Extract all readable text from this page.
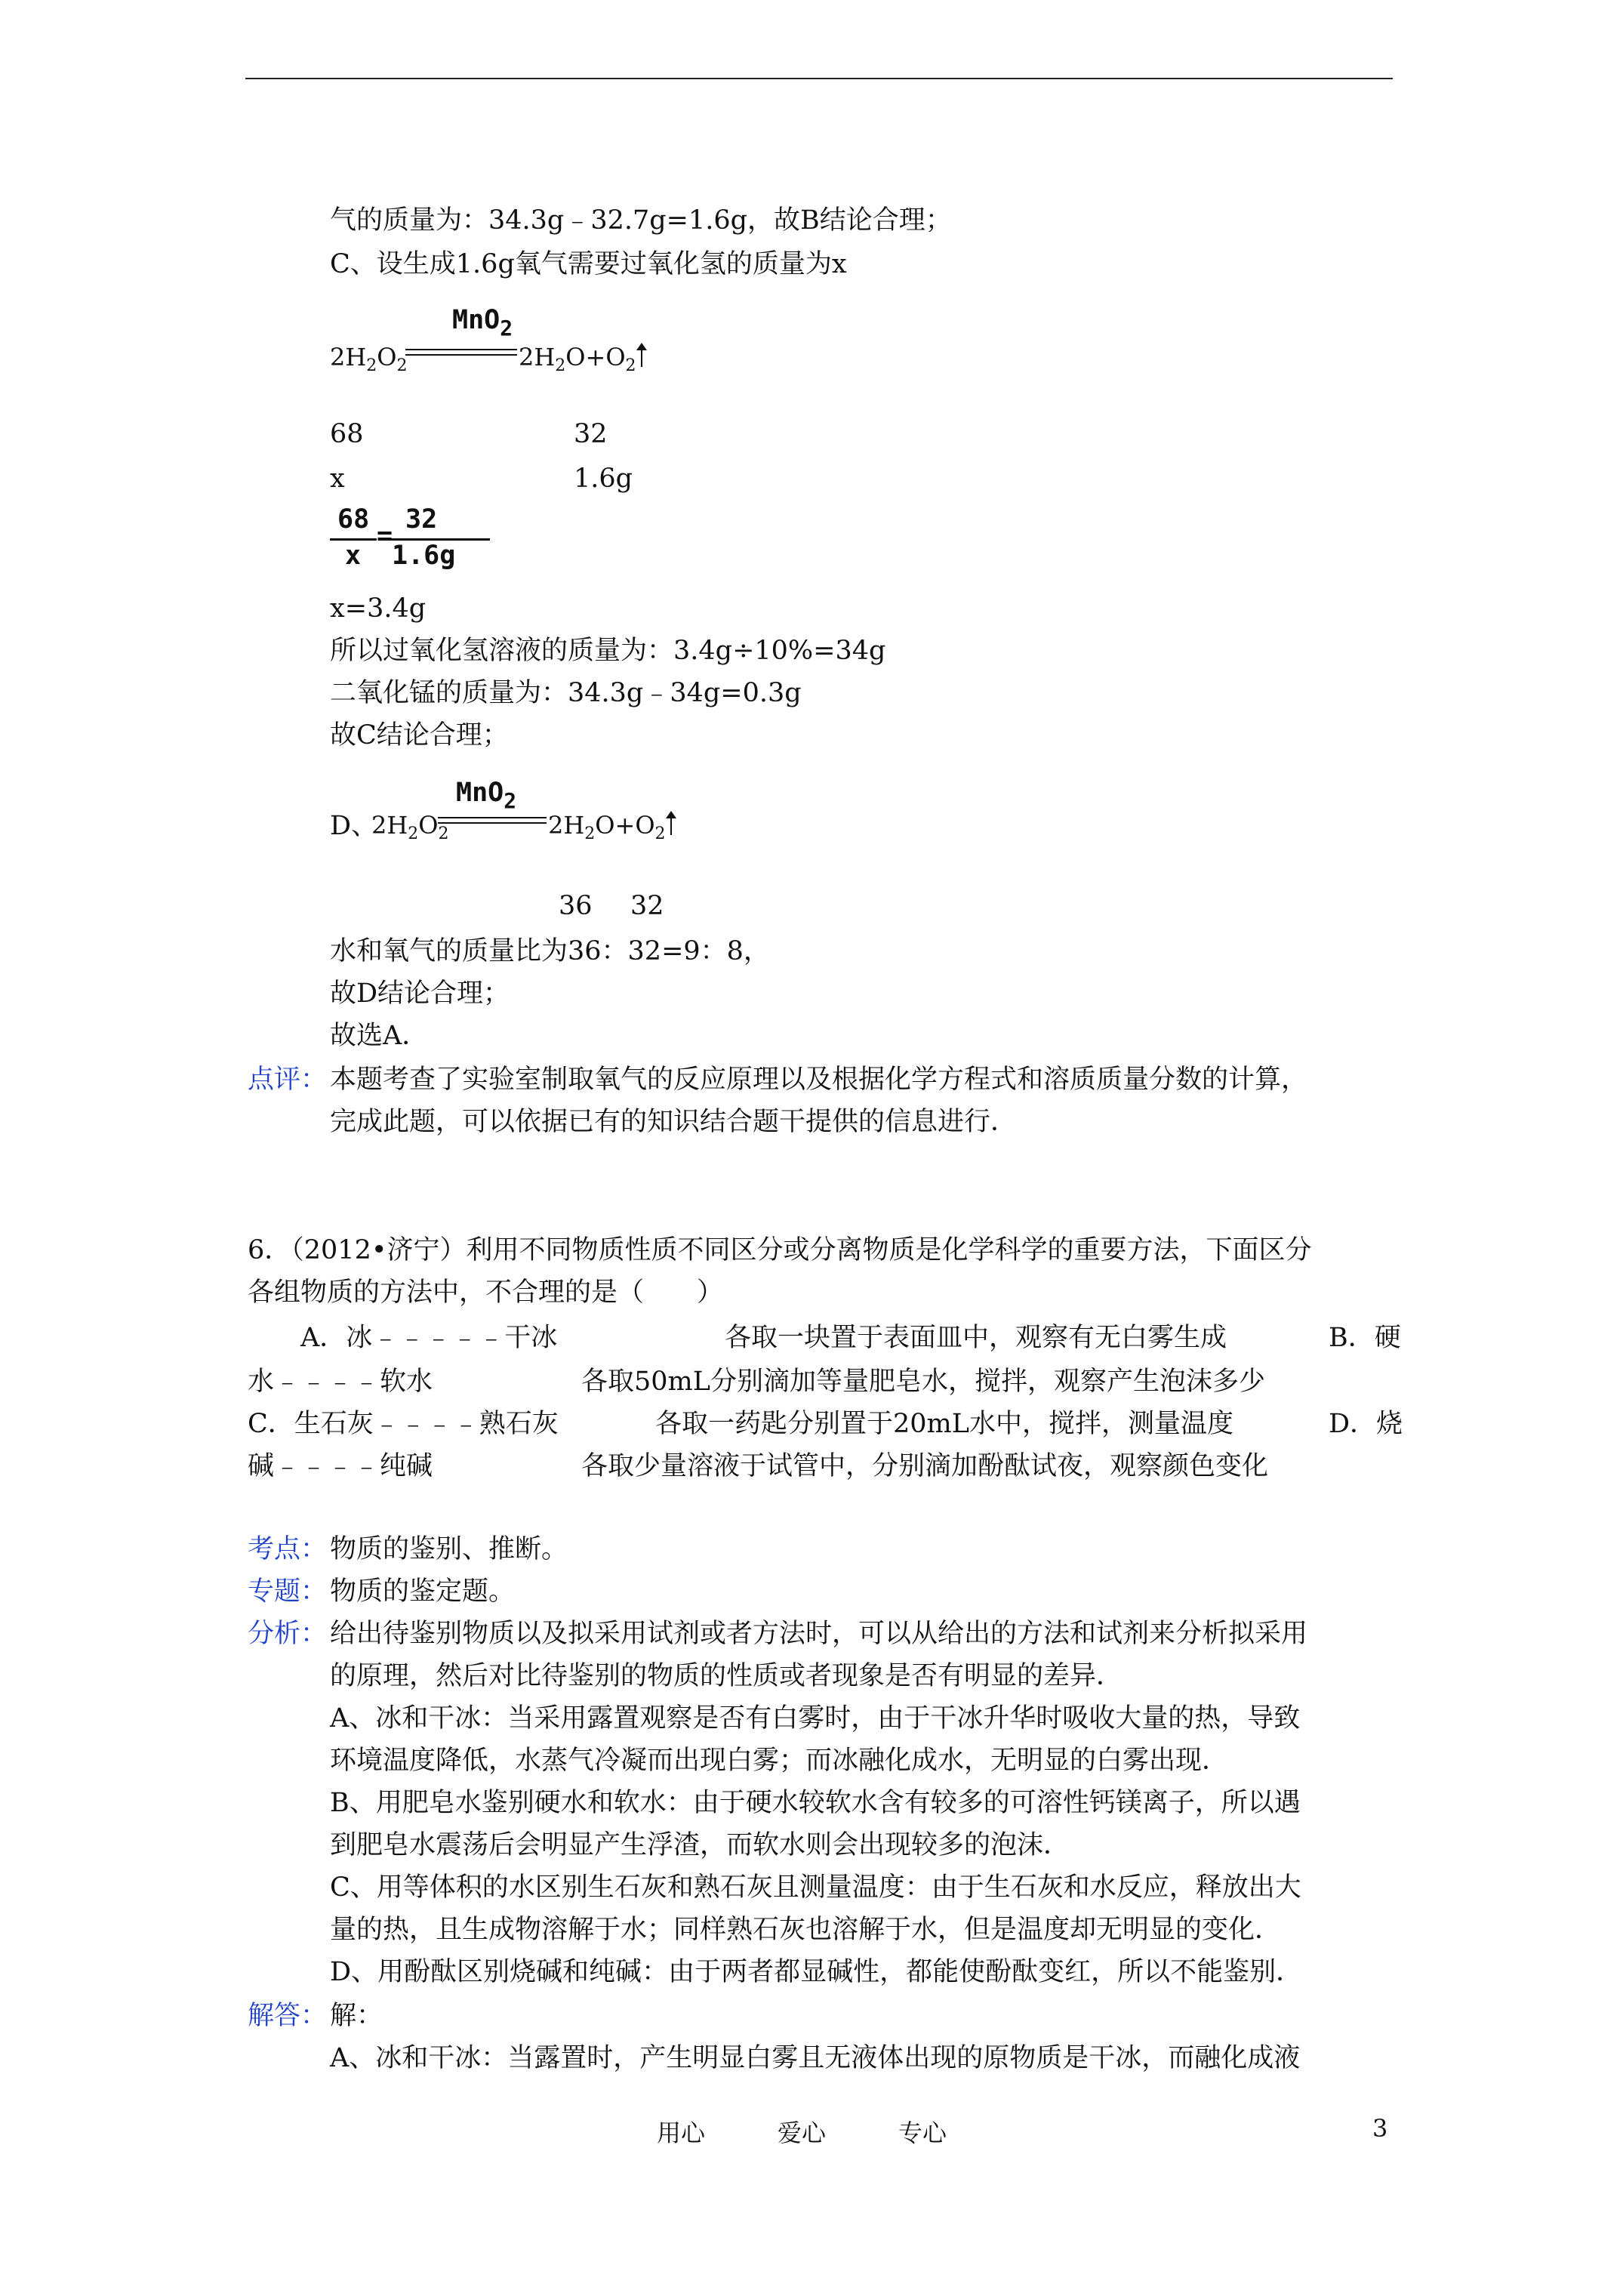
气的质量为：34.3g﹣32.7g=1.6g，故B结论合理；
C、设生成1.6g氧气需要过氧化氢的质量为x
MnO$_2$
$2H_2O_2$	$2H_2O+O_2$
68	32
x	1.6g
68
x
=
32
1.6g
x=3.4g
所以过氧化氢溶液的质量为：3.4g÷10%=34g
二氧化锰的质量为：34.3g﹣34g=0.3g
故C结论合理；
D、
MnO$_2$
$2H_2O_2$	$2H_2O+O_2$
36 32
水和氧气的质量比为36：32=9：8，
故D结论合理；
故选A．
点评： 本题考查了实验室制取氧气的反应原理以及根据化学方程式和溶质质量分数的计算，
完成此题，可以依据已有的知识结合题干提供的信息进行．
6．（2012•济宁）利用不同物质性质不同区分或分离物质是化学科学的重要方法，下面区分
各组物质的方法中，不合理的是（　　）
A．冰﹣﹣﹣﹣﹣干冰	各取一块置于表面皿中，观察有无白雾生成	B．硬
水﹣﹣﹣﹣软水	各取50mL分别滴加等量肥皂水，搅拌，观察产生泡沫多少
C．生石灰﹣﹣﹣﹣熟石灰	各取一药匙分别置于20mL水中，搅拌，测量温度	D．烧
碱﹣﹣﹣﹣纯碱	各取少量溶液于试管中，分别滴加酚酞试夜，观察颜色变化
考点： 物质的鉴别、推断。
专题： 物质的鉴定题。
分析： 给出待鉴别物质以及拟采用试剂或者方法时，可以从给出的方法和试剂来分析拟采用
的原理，然后对比待鉴别的物质的性质或者现象是否有明显的差异．
A、冰和干冰：当采用露置观察是否有白雾时，由于干冰升华时吸收大量的热，导致
环境温度降低，水蒸气冷凝而出现白雾；而冰融化成水，无明显的白雾出现．
B、用肥皂水鉴别硬水和软水：由于硬水较软水含有较多的可溶性钙镁离子，所以遇
到肥皂水震荡后会明显产生浮渣，而软水则会出现较多的泡沫．
C、用等体积的水区别生石灰和熟石灰且测量温度：由于生石灰和水反应，释放出大
量的热，且生成物溶解于水；同样熟石灰也溶解于水，但是温度却无明显的变化．
D、用酚酞区别烧碱和纯碱：由于两者都显碱性，都能使酚酞变红，所以不能鉴别．
解答： 解：
A、冰和干冰：当露置时，产生明显白雾且无液体出现的原物质是干冰，而融化成液
用心　　　爱心　　　专心	3
